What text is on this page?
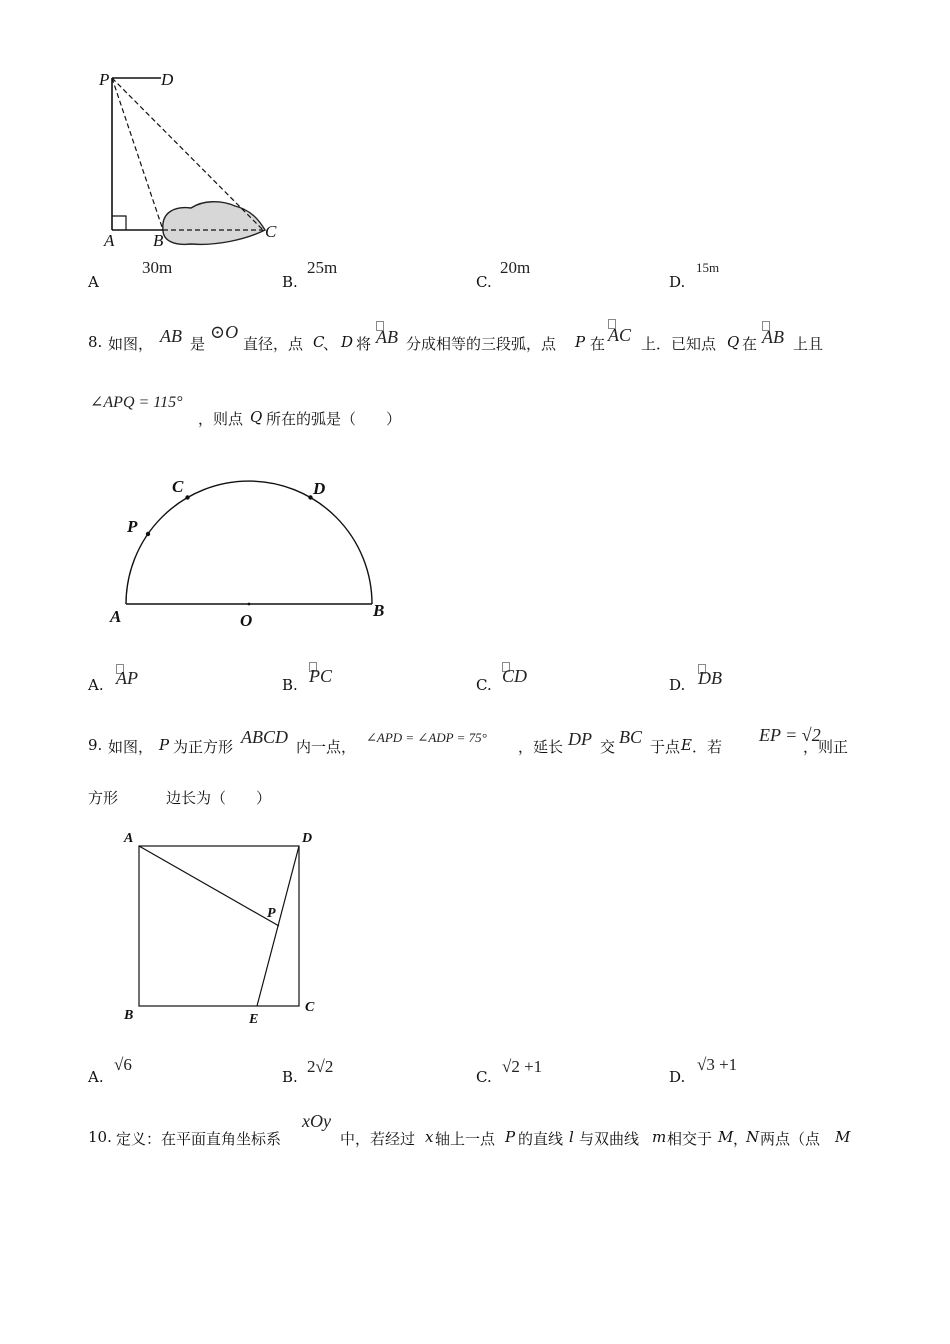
P	D
A B	C
A
30m
B.
25m
C.
20m
D.
15m
8. 如图， AB 是
⊙O
直径，点 C
、 D 将 AB 分成相等的三段弧，点 P 在 AC 上．已知点 Q 在 AB 上且
∠APQ = 115°
，则点 Q 所在的弧是（　　）
C	D
P
A	O
B
A. AP	B. PC	C. CD	D. DB
9. 如图， P 为正方形 ABCD 内一点，
∠APD = ∠ADP = 75°
，延长 DP 交 BC 于点 E ．若
EP = √2
，则正
方形	边长为（　　）
A	D
P
B	E
C
A.
√6
B.
2√2
C.
√2 +1
D.
√3 +1
10. 定义：在平面直角坐标系
xOy
中，若经过 x 轴上一点 P 的直线 l 与双曲线 m 相交于 M ，
N 两点（点 M
